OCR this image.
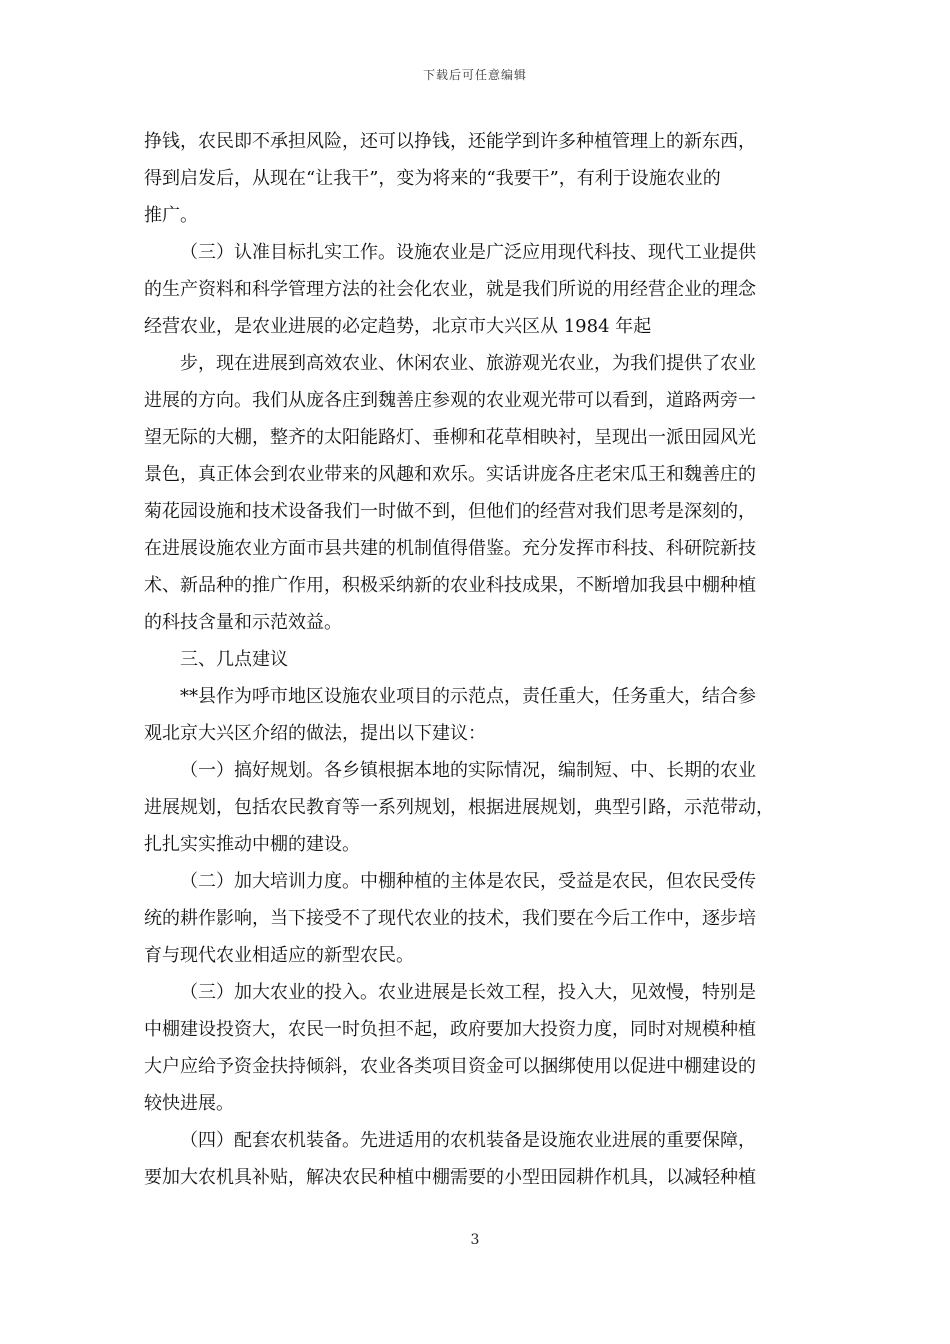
下载后可任意编辑
挣钱，农民即不承担风险，还可以挣钱，还能学到许多种植管理上的新东西，
得到启发后，从现在“让我干”，变为将来的“我要干”，有利于设施农业的
推广。
（三）认准目标扎实工作。设施农业是广泛应用现代科技、现代工业提供
的生产资料和科学管理方法的社会化农业，就是我们所说的用经营企业的理念
经营农业，是农业进展的必定趋势，北京市大兴区从 1984 年起
步，现在进展到高效农业、休闲农业、旅游观光农业，为我们提供了农业
进展的方向。我们从庞各庄到魏善庄参观的农业观光带可以看到，道路两旁一
望无际的大棚，整齐的太阳能路灯、垂柳和花草相映衬，呈现出一派田园风光
景色，真正体会到农业带来的风趣和欢乐。实话讲庞各庄老宋瓜王和魏善庄的
菊花园设施和技术设备我们一时做不到，但他们的经营对我们思考是深刻的，
在进展设施农业方面市县共建的机制值得借鉴。充分发挥市科技、科研院新技
术、新品种的推广作用，积极采纳新的农业科技成果，不断增加我县中棚种植
的科技含量和示范效益。
三、几点建议
**县作为呼市地区设施农业项目的示范点，责任重大，任务重大，结合参
观北京大兴区介绍的做法，提出以下建议：
（一）搞好规划。各乡镇根据本地的实际情况，编制短、中、长期的农业
进展规划，包括农民教育等一系列规划，根据进展规划，典型引路，示范带动，
扎扎实实推动中棚的建设。
（二）加大培训力度。中棚种植的主体是农民，受益是农民，但农民受传
统的耕作影响，当下接受不了现代农业的技术，我们要在今后工作中，逐步培
育与现代农业相适应的新型农民。
（三）加大农业的投入。农业进展是长效工程，投入大，见效慢，特别是
中棚建设投资大，农民一时负担不起，政府要加大投资力度，同时对规模种植
大户应给予资金扶持倾斜，农业各类项目资金可以捆绑使用以促进中棚建设的
较快进展。
（四）配套农机装备。先进适用的农机装备是设施农业进展的重要保障，
要加大农机具补贴，解决农民种植中棚需要的小型田园耕作机具，以减轻种植
3
